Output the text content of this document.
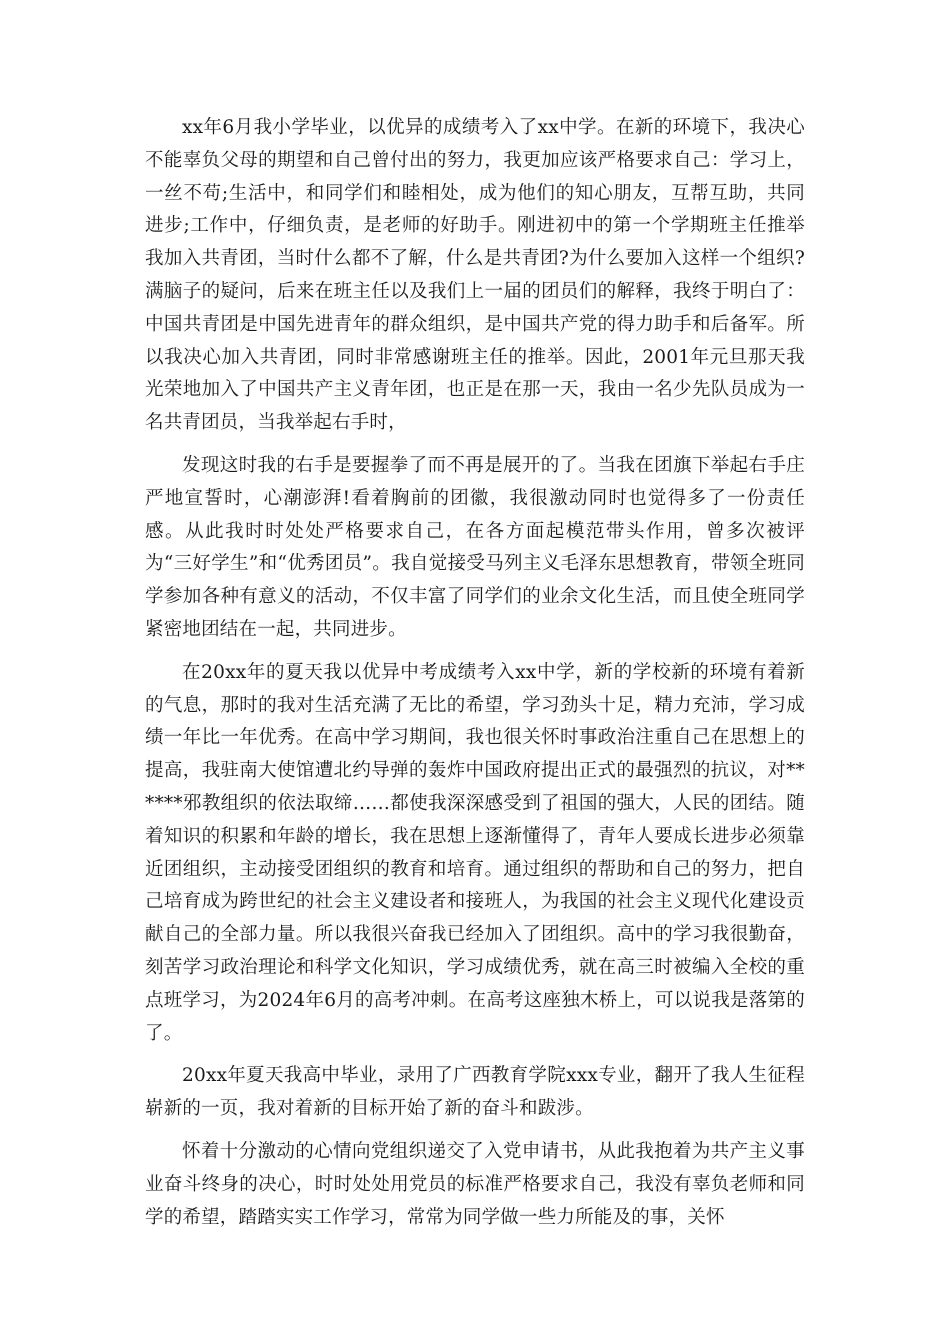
xx年6月我小学毕业，以优异的成绩考入了xx中学。在新的环境下，我决心不能辜负父母的期望和自己曾付出的努力，我更加应该严格要求自己：学习上，一丝不苟;生活中，和同学们和睦相处，成为他们的知心朋友，互帮互助，共同进步;工作中，仔细负责，是老师的好助手。刚进初中的第一个学期班主任推举我加入共青团，当时什么都不了解，什么是共青团?为什么要加入这样一个组织?满脑子的疑问，后来在班主任以及我们上一届的团员们的解释，我终于明白了：中国共青团是中国先进青年的群众组织，是中国共产党的得力助手和后备军。所以我决心加入共青团，同时非常感谢班主任的推举。因此，2001年元旦那天我光荣地加入了中国共产主义青年团，也正是在那一天，我由一名少先队员成为一名共青团员，当我举起右手时，

发现这时我的右手是要握拳了而不再是展开的了。当我在团旗下举起右手庄严地宣誓时，心潮澎湃!看着胸前的团徽，我很激动同时也觉得多了一份责任感。从此我时时处处严格要求自己，在各方面起模范带头作用，曾多次被评为“三好学生”和“优秀团员”。我自觉接受马列主义毛泽东思想教育，带领全班同学参加各种有意义的活动，不仅丰富了同学们的业余文化生活，而且使全班同学紧密地团结在一起，共同进步。

在20xx年的夏天我以优异中考成绩考入xx中学，新的学校新的环境有着新的气息，那时的我对生活充满了无比的希望，学习劲头十足，精力充沛，学习成绩一年比一年优秀。在高中学习期间，我也很关怀时事政治注重自己在思想上的提高，我驻南大使馆遭北约导弹的轰炸中国政府提出正式的最强烈的抗议，对******邪教组织的依法取缔……都使我深深感受到了祖国的强大，人民的团结。随着知识的积累和年龄的增长，我在思想上逐渐懂得了，青年人要成长进步必须靠近团组织，主动接受团组织的教育和培育。通过组织的帮助和自己的努力，把自己培育成为跨世纪的社会主义建设者和接班人，为我国的社会主义现代化建设贡献自己的全部力量。所以我很兴奋我已经加入了团组织。高中的学习我很勤奋，刻苦学习政治理论和科学文化知识，学习成绩优秀，就在高三时被编入全校的重点班学习，为2024年6月的高考冲刺。在高考这座独木桥上，可以说我是落第的了。

20xx年夏天我高中毕业，录用了广西教育学院xxx专业，翻开了我人生征程崭新的一页，我对着新的目标开始了新的奋斗和跋涉。

怀着十分激动的心情向党组织递交了入党申请书，从此我抱着为共产主义事业奋斗终身的决心，时时处处用党员的标准严格要求自己，我没有辜负老师和同学的希望，踏踏实实工作学习，常常为同学做一些力所能及的事，关怀
